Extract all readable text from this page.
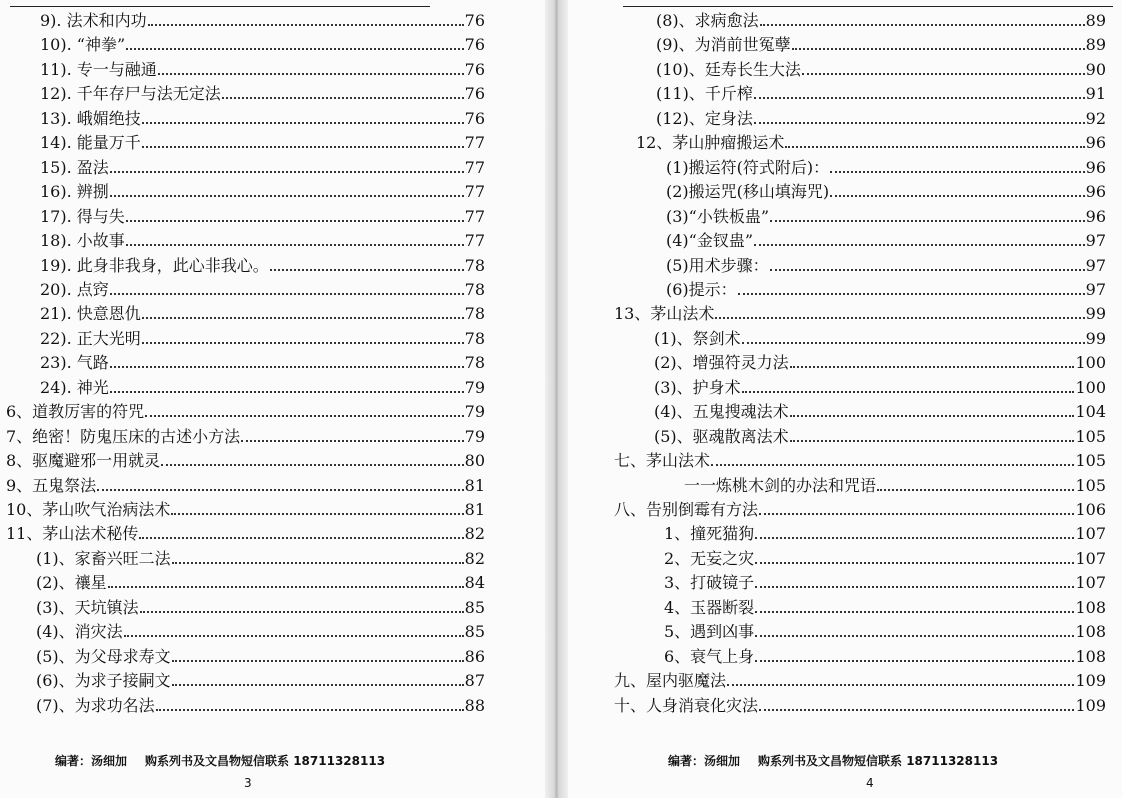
9). 法术和内功	76
10). “神拳”	76
11). 专一与融通	76
12). 千年存尸与法无定法	76
13). 峨媚绝技	76
14). 能量万千	77
15). 盈法	77
16). 辨捌	77
17). 得与失	77
18). 小故事	77
19). 此身非我身，此心非我心。	78
20). 点窍	78
21). 快意恩仇	78
22). 正大光明	78
23). 气路	78
24). 神光	79
6、道教厉害的符咒	79
7、绝密！防鬼压床的古述小方法	79
8、驱魔避邪一用就灵	80
9、五鬼祭法	81
10、茅山吹气治病法术	81
11、茅山法术秘传	82
(1)、家畜兴旺二法	82
(2)、禳星	84
(3)、天坑镇法	85
(4)、消灾法	85
(5)、为父母求寿文	86
(6)、为求子接嗣文	87
(7)、为求功名法	88
编著：汤细加 购系列书及文昌物短信联系 18711328113
3
(8)、求病愈法	89
(9)、为消前世冤孽	89
(10)、廷寿长生大法	90
(11)、千斤榨	91
(12)、定身法	92
12、茅山肿瘤搬运术	96
(1)搬运符(符式附后)：	96
(2)搬运咒(移山填海咒)	96
(3)“小铁板蛊”	96
(4)“金钗蛊”	97
(5)用术步骤：	97
(6)提示：	97
13、茅山法术	99
(1)、祭剑术	99
(2)、增强符灵力法	100
(3)、护身术	100
(4)、五鬼搜魂法术	104
(5)、驱魂散离法术	105
七、茅山法术	105
一一炼桃木剑的办法和咒语	105
八、告别倒霉有方法	106
1、撞死猫狗	107
2、无妄之灾	107
3、打破镜子	107
4、玉器断裂	108
5、遇到凶事	108
6、衰气上身	108
九、屋内驱魔法	109
十、人身消衰化灾法	109
编著：汤细加 购系列书及文昌物短信联系 18711328113
4
